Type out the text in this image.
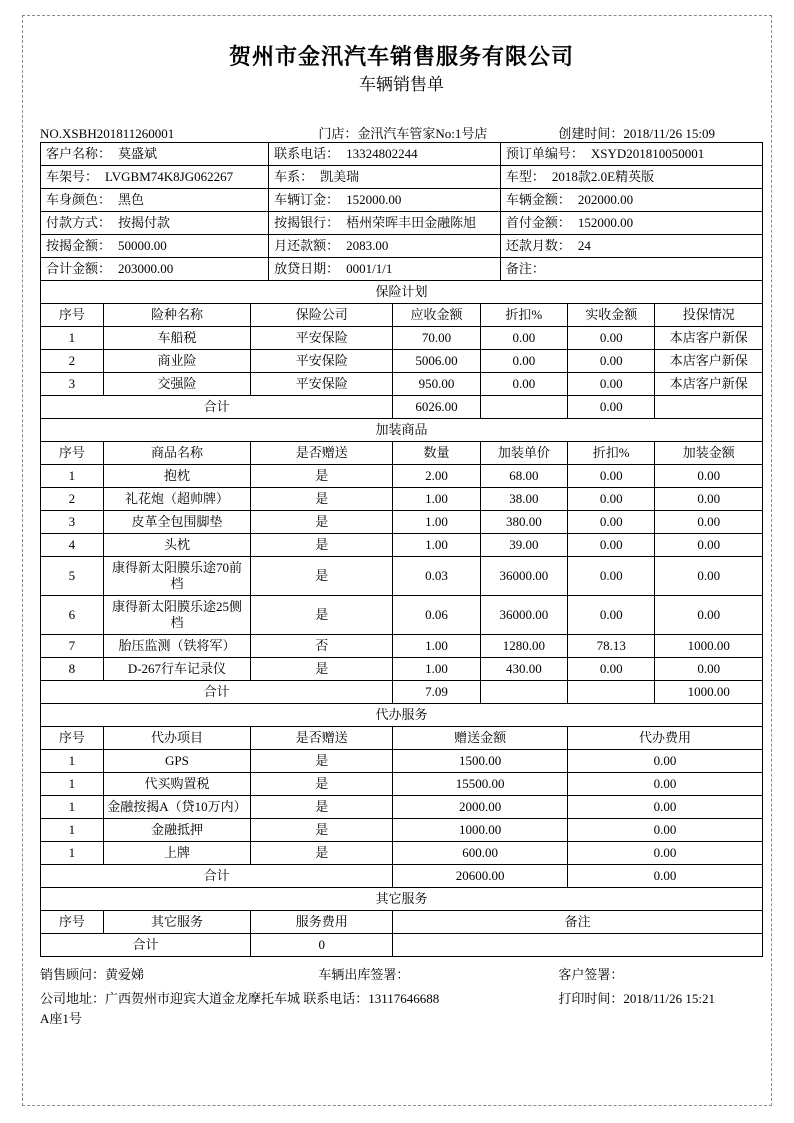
贺州市金汛汽车销售服务有限公司
车辆销售单
NO.XSBH201811260001	门店：金汛汽车管家No:1号店	创建时间：2018/11/26 15:09
客户名称： 莫盛斌	联系电话： 13324802244	预订单编号： XSYD201810050001
车架号： LVGBM74K8JG062267	车系： 凯美瑞	车型： 2018款2.0E精英版
车身颜色： 黑色	车辆订金： 152000.00	车辆金额： 202000.00
付款方式： 按揭付款	按揭银行： 梧州荣晖丰田金融陈旭	首付金额： 152000.00
按揭金额： 50000.00	月还款额： 2083.00	还款月数： 24
合计金额： 203000.00	放贷日期： 0001/1/1	备注：
保险计划						
序号	险种名称	保险公司	应收金额	折扣%	实收金额	投保情况
1	车船税	平安保险	70.00	0.00	0.00	本店客户新保
2	商业险	平安保险	5006.00	0.00	0.00	本店客户新保
3	交强险	平安保险	950.00	0.00	0.00	本店客户新保
合计			6026.00		0.00	
加装商品						
序号	商品名称	是否赠送	数量	加装单价	折扣%	加装金额
1	抱枕	是	2.00	68.00	0.00	0.00
2	礼花炮（超帅牌）	是	1.00	38.00	0.00	0.00
3	皮革全包围脚垫	是	1.00	380.00	0.00	0.00
4	头枕	是	1.00	39.00	0.00	0.00
5	康得新太阳膜乐途70前档	是	0.03	36000.00	0.00	0.00
6	康得新太阳膜乐途25侧档	是	0.06	36000.00	0.00	0.00
7	胎压监测（铁将军）	否	1.00	1280.00	78.13	1000.00
8	D-267行车记录仪	是	1.00	430.00	0.00	0.00
合计			7.09			1000.00
代办服务				
序号	代办项目	是否赠送	赠送金额	代办费用
1	GPS	是	1500.00	0.00
1	代买购置税	是	15500.00	0.00
1	金融按揭A（贷10万内）	是	2000.00	0.00
1	金融抵押	是	1000.00	0.00
1	上牌	是	600.00	0.00
合计			20600.00	0.00
其它服务			
序号	其它服务	服务费用	备注
合计		0	
销售顾问：黄爱娣	车辆出库签署：	客户签署：
公司地址：广西贺州市迎宾大道金龙摩托车城 联系电话：13117646688	打印时间：2018/11/26 15:21
A座1号
